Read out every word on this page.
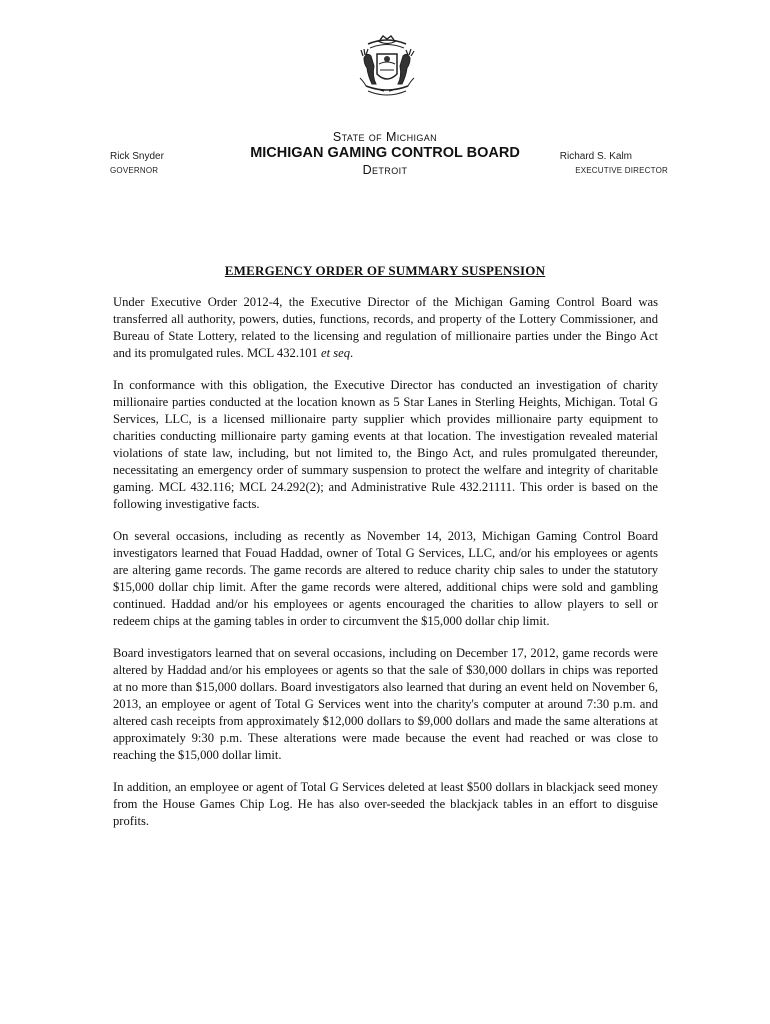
Rick Snyder
GOVERNOR
State of Michigan
MICHIGAN GAMING CONTROL BOARD
Detroit
Richard S. Kalm
EXECUTIVE DIRECTOR
EMERGENCY ORDER OF SUMMARY SUSPENSION

Under Executive Order 2012-4, the Executive Director of the Michigan Gaming Control Board was transferred all authority, powers, duties, functions, records, and property of the Lottery Commissioner, and Bureau of State Lottery, related to the licensing and regulation of millionaire parties under the Bingo Act and its promulgated rules. MCL 432.101 et seq.

In conformance with this obligation, the Executive Director has conducted an investigation of charity millionaire parties conducted at the location known as 5 Star Lanes in Sterling Heights, Michigan. Total G Services, LLC, is a licensed millionaire party supplier which provides millionaire party equipment to charities conducting millionaire party gaming events at that location. The investigation revealed material violations of state law, including, but not limited to, the Bingo Act, and rules promulgated thereunder, necessitating an emergency order of summary suspension to protect the welfare and integrity of charitable gaming. MCL 432.116; MCL 24.292(2); and Administrative Rule 432.21111. This order is based on the following investigative facts.

On several occasions, including as recently as November 14, 2013, Michigan Gaming Control Board investigators learned that Fouad Haddad, owner of Total G Services, LLC, and/or his employees or agents are altering game records. The game records are altered to reduce charity chip sales to under the statutory $15,000 dollar chip limit. After the game records were altered, additional chips were sold and gambling continued. Haddad and/or his employees or agents encouraged the charities to allow players to sell or redeem chips at the gaming tables in order to circumvent the $15,000 dollar chip limit.

Board investigators learned that on several occasions, including on December 17, 2012, game records were altered by Haddad and/or his employees or agents so that the sale of $30,000 dollars in chips was reported at no more than $15,000 dollars. Board investigators also learned that during an event held on November 6, 2013, an employee or agent of Total G Services went into the charity's computer at around 7:30 p.m. and altered cash receipts from approximately $12,000 dollars to $9,000 dollars and made the same alterations at approximately 9:30 p.m. These alterations were made because the event had reached or was close to reaching the $15,000 dollar limit.

In addition, an employee or agent of Total G Services deleted at least $500 dollars in blackjack seed money from the House Games Chip Log. He has also over-seeded the blackjack tables in an effort to disguise profits.
